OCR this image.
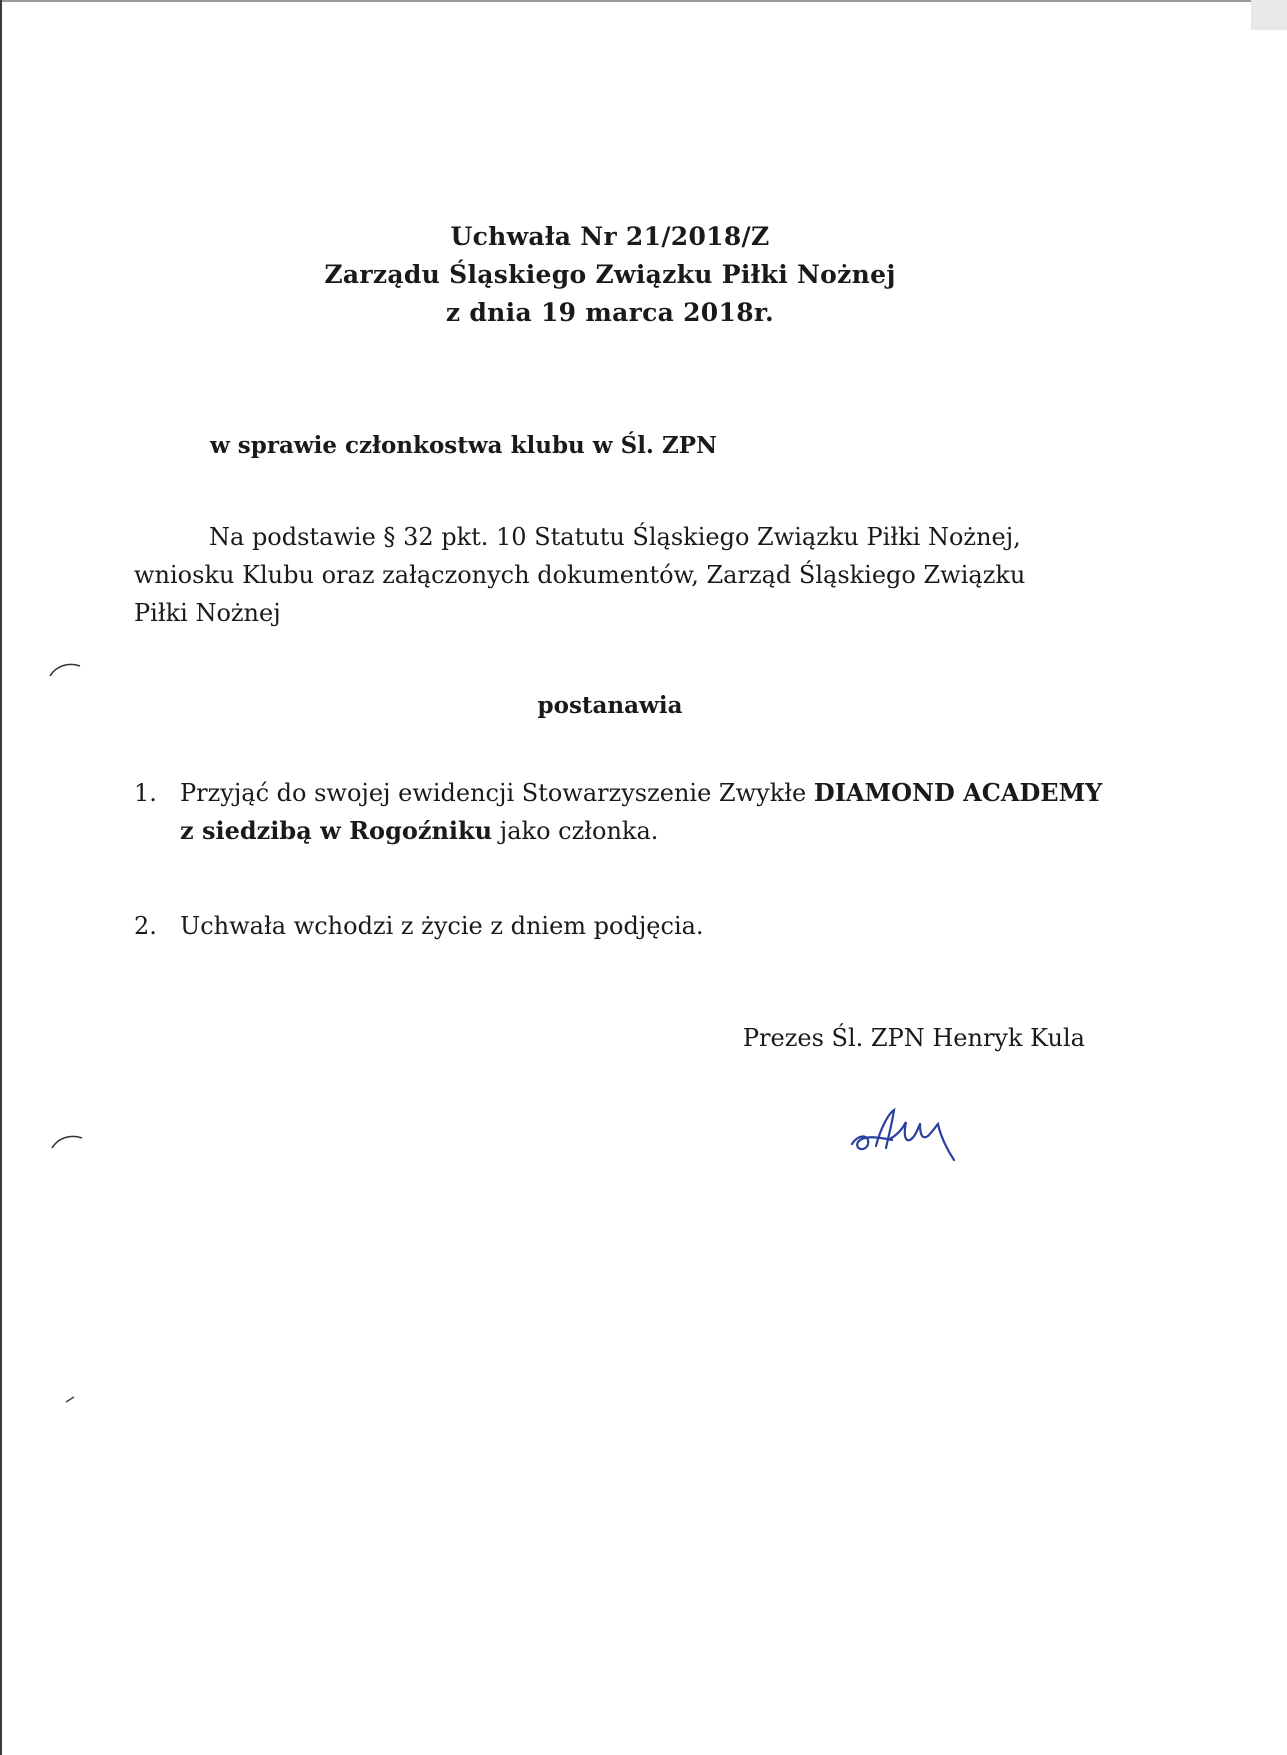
Uchwała Nr 21/2018/Z
Zarządu Śląskiego Związku Piłki Nożnej
z dnia 19 marca 2018r.
w sprawie członkostwa klubu w Śl. ZPN
Na podstawie § 32 pkt. 10 Statutu Śląskiego Związku Piłki Nożnej,
wniosku Klubu oraz załączonych dokumentów, Zarząd Śląskiego Związku
Piłki Nożnej
postanawia
1. Przyjąć do swojej ewidencji Stowarzyszenie Zwykłe DIAMOND ACADEMY
z siedzibą w Rogoźniku jako członka.
2. Uchwała wchodzi z życie z dniem podjęcia.
Prezes Śl. ZPN Henryk Kula
